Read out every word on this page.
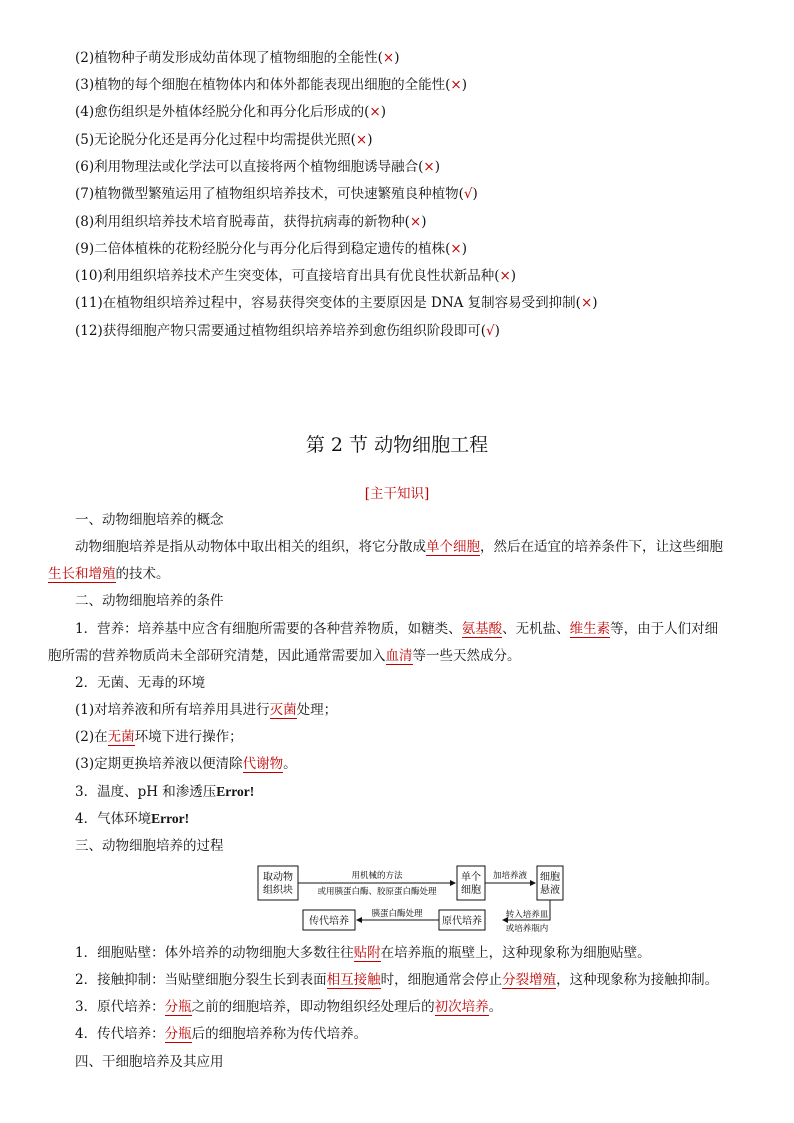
(2)植物种子萌发形成幼苗体现了植物细胞的全能性(×)
(3)植物的每个细胞在植物体内和体外都能表现出细胞的全能性(×)
(4)愈伤组织是外植体经脱分化和再分化后形成的(×)
(5)无论脱分化还是再分化过程中均需提供光照(×)
(6)利用物理法或化学法可以直接将两个植物细胞诱导融合(×)
(7)植物微型繁殖运用了植物组织培养技术，可快速繁殖良种植物(√)
(8)利用组织培养技术培育脱毒苗，获得抗病毒的新物种(×)
(9)二倍体植株的花粉经脱分化与再分化后得到稳定遗传的植株(×)
(10)利用组织培养技术产生突变体，可直接培育出具有优良性状新品种(×)
(11)在植物组织培养过程中，容易获得突变体的主要原因是 DNA 复制容易受到抑制(×)
(12)获得细胞产物只需要通过植物组织培养培养到愈伤组织阶段即可(√)
第 2 节 动物细胞工程
[主干知识]
一、动物细胞培养的概念
动物细胞培养是指从动物体中取出相关的组织，将它分散成单个细胞，然后在适宜的培养条件下，让这些细胞
生长和增殖的技术。
二、动物细胞培养的条件
1．营养：培养基中应含有细胞所需要的各种营养物质，如糖类、氨基酸、无机盐、维生素等，由于人们对细
胞所需的营养物质尚未全部研究清楚，因此通常需要加入血清等一些天然成分。
2．无菌、无毒的环境
(1)对培养液和所有培养用具进行灭菌处理；
(2)在无菌环境下进行操作；
(3)定期更换培养液以便清除代谢物。
3．温度、pH 和渗透压Error!
4．气体环境Error!
三、动物细胞培养的过程
取动物
组织块
用机械的方法
或用胰蛋白酶、胶原蛋白酶处理
单个
细胞
加培养液 细胞
悬液
转入培养皿
或培养瓶内
原代培养
胰蛋白酶处理
传代培养
1．细胞贴壁：体外培养的动物细胞大多数往往贴附在培养瓶的瓶壁上，这种现象称为细胞贴壁。
2．接触抑制：当贴壁细胞分裂生长到表面相互接触时，细胞通常会停止分裂增殖，这种现象称为接触抑制。
3．原代培养：分瓶之前的细胞培养，即动物组织经处理后的初次培养。
4．传代培养：分瓶后的细胞培养称为传代培养。
四、干细胞培养及其应用
